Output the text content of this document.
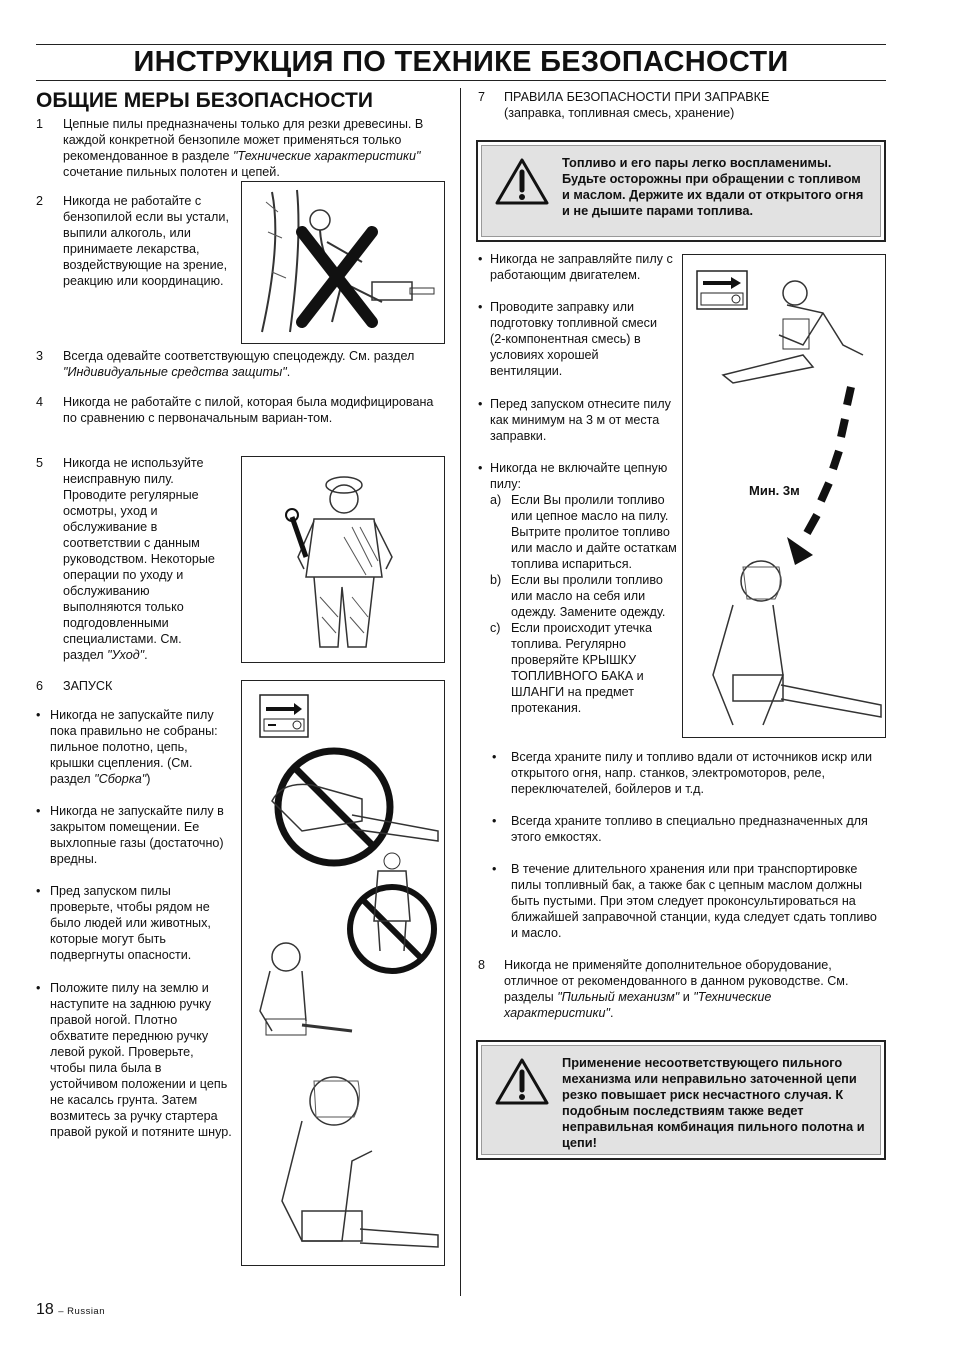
ИНСТРУКЦИЯ ПО ТЕХНИКЕ БЕЗОПАСНОСТИ
ОБЩИЕ МЕРЫ БЕЗОПАСНОСТИ
1	Цепные пилы предназначены только для резки древесины. В каждой конкретной бензопиле может применяться только рекомендованное в разделе "Технические характеристики" сочетание пильных полотен и цепей.
2	Никогда не работайте с бензопилой если вы устали, выпили алкоголь, или принимаете лекарства, воздействующие на зрение, реакцию или координацию.
3	Всегда одевайте соответствующую спецодежду. См. раздел "Индивидуальные средства защиты".
4	Никогда не работайте с пилой, которая была модифицирована по сравнению с первоначальным вариан-том.
5	Никогда не используйте неисправную пилу. Проводите регулярные осмотры, уход и обслуживание в соответствии с данным руководством. Некоторые операции по уходу и обслуживанию выполняются только подгодовленными специалистами. См. раздел "Уход".
6	ЗАПУСК
• Никогда не запускайте пилу пока правильно не собраны: пильное полотно, цепь, крышки сцепления. (См. раздел "Сборка")
• Никогда не запускайте пилу в закрытом помещении. Ее выхлопные газы (достаточно) вредны.
• Пред запуском пилы проверьте, чтобы рядом не было людей или животных, которые могут быть подвергнуты опасности.
• Положите пилу на землю и наступите на заднюю ручку правой ногой. Плотно обхватите переднюю ручку левой рукой. Проверьте, чтобы пила была в устойчивом положении и цепь не касалсь грунта. Затем возмитесь за ручку стартера правой рукой и потяните шнур.
7	ПРАВИЛА БЕЗОПАСНОСТИ ПРИ ЗАПРАВКЕ
(заправка, топливная смесь, хранение)
Топливо и его пары легко воспламенимы. Будьте осторожны при обращении с топливом и маслом. Держите их вдали от открытого огня и не дышите парами топлива.
• Никогда не заправляйте пилу с работающим двигателем.
• Проводите заправку или подготовку топливной смеси (2-компонентная смесь) в условиях хорошей вентиляции.
• Перед запуском отнесите пилу как минимум на 3 м от места заправки.
• Никогда не включайте цепную пилу:
a) Если Вы пролили топливо или цепное масло на пилу. Вытрите пролитое топливо или масло и дайте остаткам топлива испариться.
b) Если вы пролили топливо или масло на себя или одежду. Замените одежду.
c) Если происходит утечка топлива. Регулярно проверяйте КРЫШКУ ТОПЛИВНОГО БАКА и ШЛАНГИ на предмет протекания.
Мин. 3м
•	Всегда храните пилу и топливо вдали от источников искр или открытого огня, напр. станков, электромоторов, реле, переключателей, бойлеров и т.д.
•	Всегда храните топливо в специально предназначенных для этого емкостях.
•	В течение длительного хранения или при транспортировке пилы топливный бак, а также бак с цепным маслом должны быть пустыми. При этом следует проконсультироваться на ближайшей заправочной станции, куда следует сдать топливо и масло.
8	Никогда не применяйте дополнительное оборудование, отличное от рекомендованного в данном руководстве. См. разделы "Пильный механизм" и "Технические характеристики".
Применение несоответствующего пильного механизма или неправильно заточенной цепи резко повышает риск несчастного случая. К подобным последствиям также ведет неправильная комбинация пильного полотна и цепи!
18 – Russian
